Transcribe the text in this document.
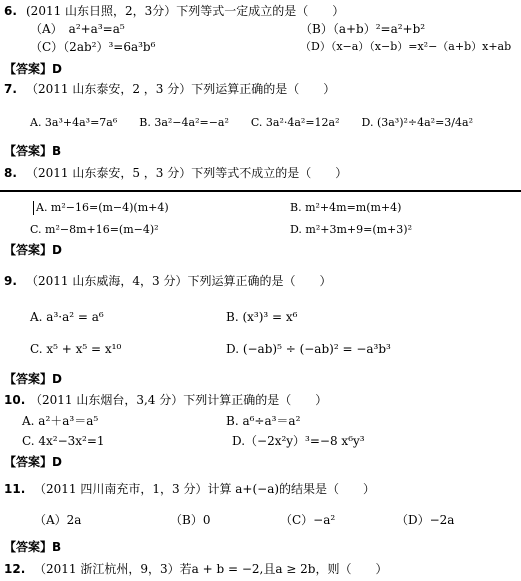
6. (2011 山东日照，2，3分）下列等式一定成立的是（　　）
（A）　a²+a³=a⁵	（B）（a+b）²=a²+b²
（C）（2ab²）³=6a³b⁶	（D）（x−a）（x−b）=x²−（a+b）x+ab
【答案】D
7. （2011 山东泰安，2 ，3 分）下列运算正确的是（　　）
A. 3a³+4a³=7a⁶　　B. 3a²−4a²=−a²　　C. 3a²·4a²=12a²　　D. (3a³)²÷4a²=3/4a²
【答案】B
8. （2011 山东泰安，5 ，3 分）下列等式不成立的是（　　）
A. m²−16=(m−4)(m+4)	B. m²+4m=m(m+4)
C. m²−8m+16=(m−4)²	D. m²+3m+9=(m+3)²
【答案】D
9. （2011 山东威海，4，3 分）下列运算正确的是（　　）
A. a³·a² = a⁶	B. (x³)³ = x⁶
C. x⁵ + x⁵ = x¹⁰	D. (−ab)⁵ ÷ (−ab)² = −a³b³
【答案】D
10. （2011 山东烟台，3,4 分）下列计算正确的是（　　）
A. a²＋a³＝a⁵	B. a⁶÷a³＝a²
C. 4x²−3x²=1	D.（−2x²y）³=−8 x⁶y³
【答案】D
11. （2011 四川南充市，1，3 分）计算 a+(−a)的结果是（　　）
（A）2a	（B）0	（C）−a²	（D）−2a
【答案】B
12. （2011 浙江杭州，9，3）若a + b = −2,且a ≥ 2b，则（　　）
